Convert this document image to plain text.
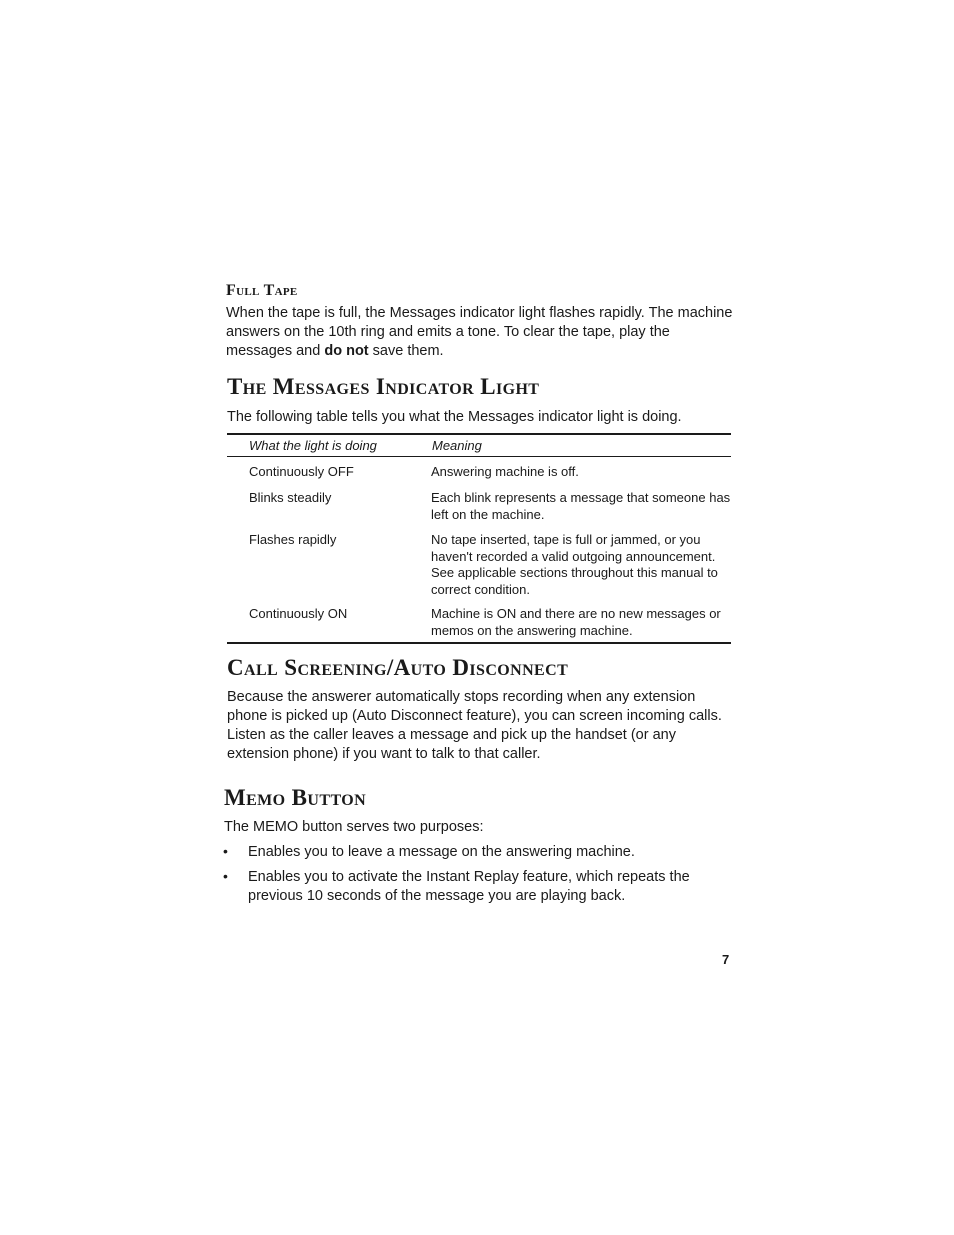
Full Tape

When the tape is full, the Messages indicator light flashes rapidly. The machine answers on the 10th ring and emits a tone. To clear the tape, play the messages and do not save them.

The Messages Indicator Light

The following table tells you what the Messages indicator light is doing.

What the light is doing	Meaning

Continuously OFF	Answering machine is off.

Blinks steadily	Each blink represents a message that someone has left on the machine.

Flashes rapidly	No tape inserted, tape is full or jammed, or you haven't recorded a valid outgoing announcement. See applicable sections throughout this manual to correct condition.

Continuously ON	Machine is ON and there are no new messages or memos on the answering machine.

Call Screening/Auto Disconnect

Because the answerer automatically stops recording when any extension phone is picked up (Auto Disconnect feature), you can screen incoming calls. Listen as the caller leaves a message and pick up the handset (or any extension phone) if you want to talk to that caller.

Memo Button

The MEMO button serves two purposes:

• Enables you to leave a message on the answering machine.

• Enables you to activate the Instant Replay feature, which repeats the previous 10 seconds of the message you are playing back.

7
